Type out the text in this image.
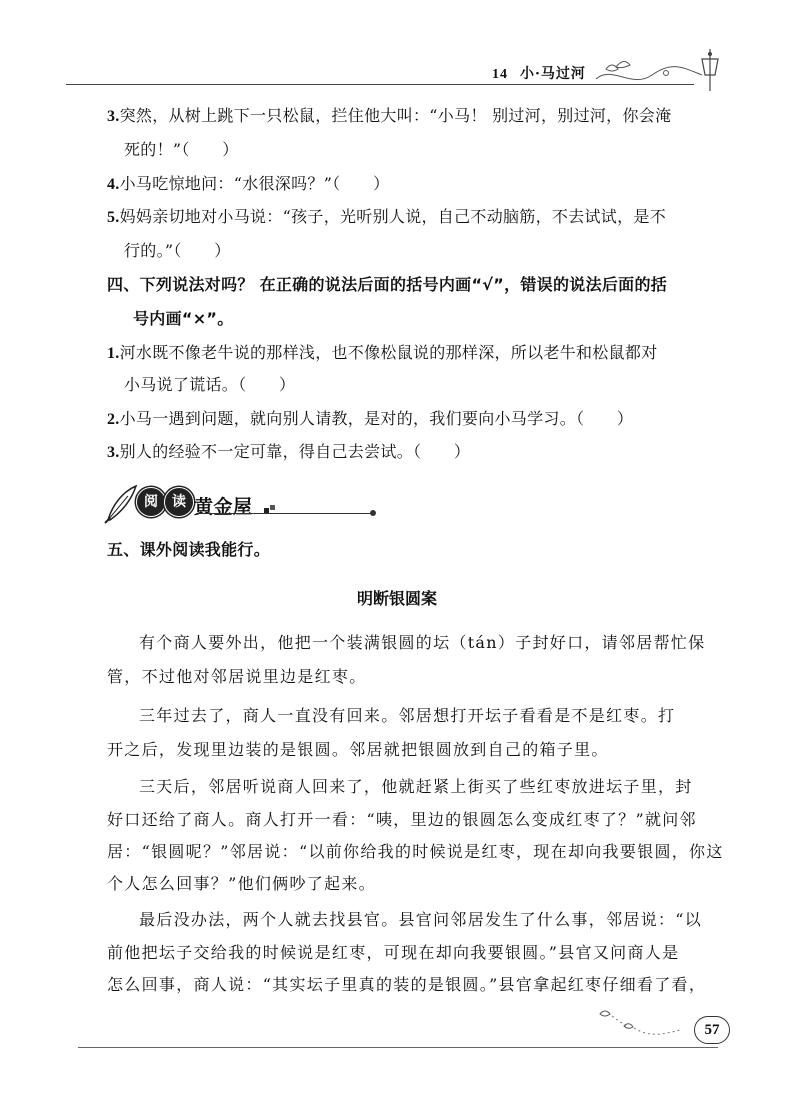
14 小·马过河
3.突然，从树上跳下一只松鼠，拦住他大叫：“小马！ 别过河，别过河，你会淹
死的！”（　　）
4.小马吃惊地问：“水很深吗？”（　　）
5.妈妈亲切地对小马说：“孩子，光听别人说，自己不动脑筋，不去试试，是不
行的。”（　　）
四、下列说法对吗？ 在正确的说法后面的括号内画“√”，错误的说法后面的括
号内画“×”。
1.河水既不像老牛说的那样浅，也不像松鼠说的那样深，所以老牛和松鼠都对
小马说了谎话。（　　）
2.小马一遇到问题，就向别人请教，是对的，我们要向小马学习。（　　）
3.别人的经验不一定可靠，得自己去尝试。（　　）
阅	读 黄金屋
五、课外阅读我能行。
明断银圆案
有个商人要外出，他把一个装满银圆的坛（tán）子封好口，请邻居帮忙保
管，不过他对邻居说里边是红枣。
三年过去了，商人一直没有回来。邻居想打开坛子看看是不是红枣。打
开之后，发现里边装的是银圆。邻居就把银圆放到自己的箱子里。
三天后，邻居听说商人回来了，他就赶紧上街买了些红枣放进坛子里，封
好口还给了商人。商人打开一看：“咦，里边的银圆怎么变成红枣了？”就问邻
居：“银圆呢？”邻居说：“以前你给我的时候说是红枣，现在却向我要银圆，你这
个人怎么回事？”他们俩吵了起来。
最后没办法，两个人就去找县官。县官问邻居发生了什么事，邻居说：“以
前他把坛子交给我的时候说是红枣，可现在却向我要银圆。”县官又问商人是
怎么回事，商人说：“其实坛子里真的装的是银圆。”县官拿起红枣仔细看了看，
57
